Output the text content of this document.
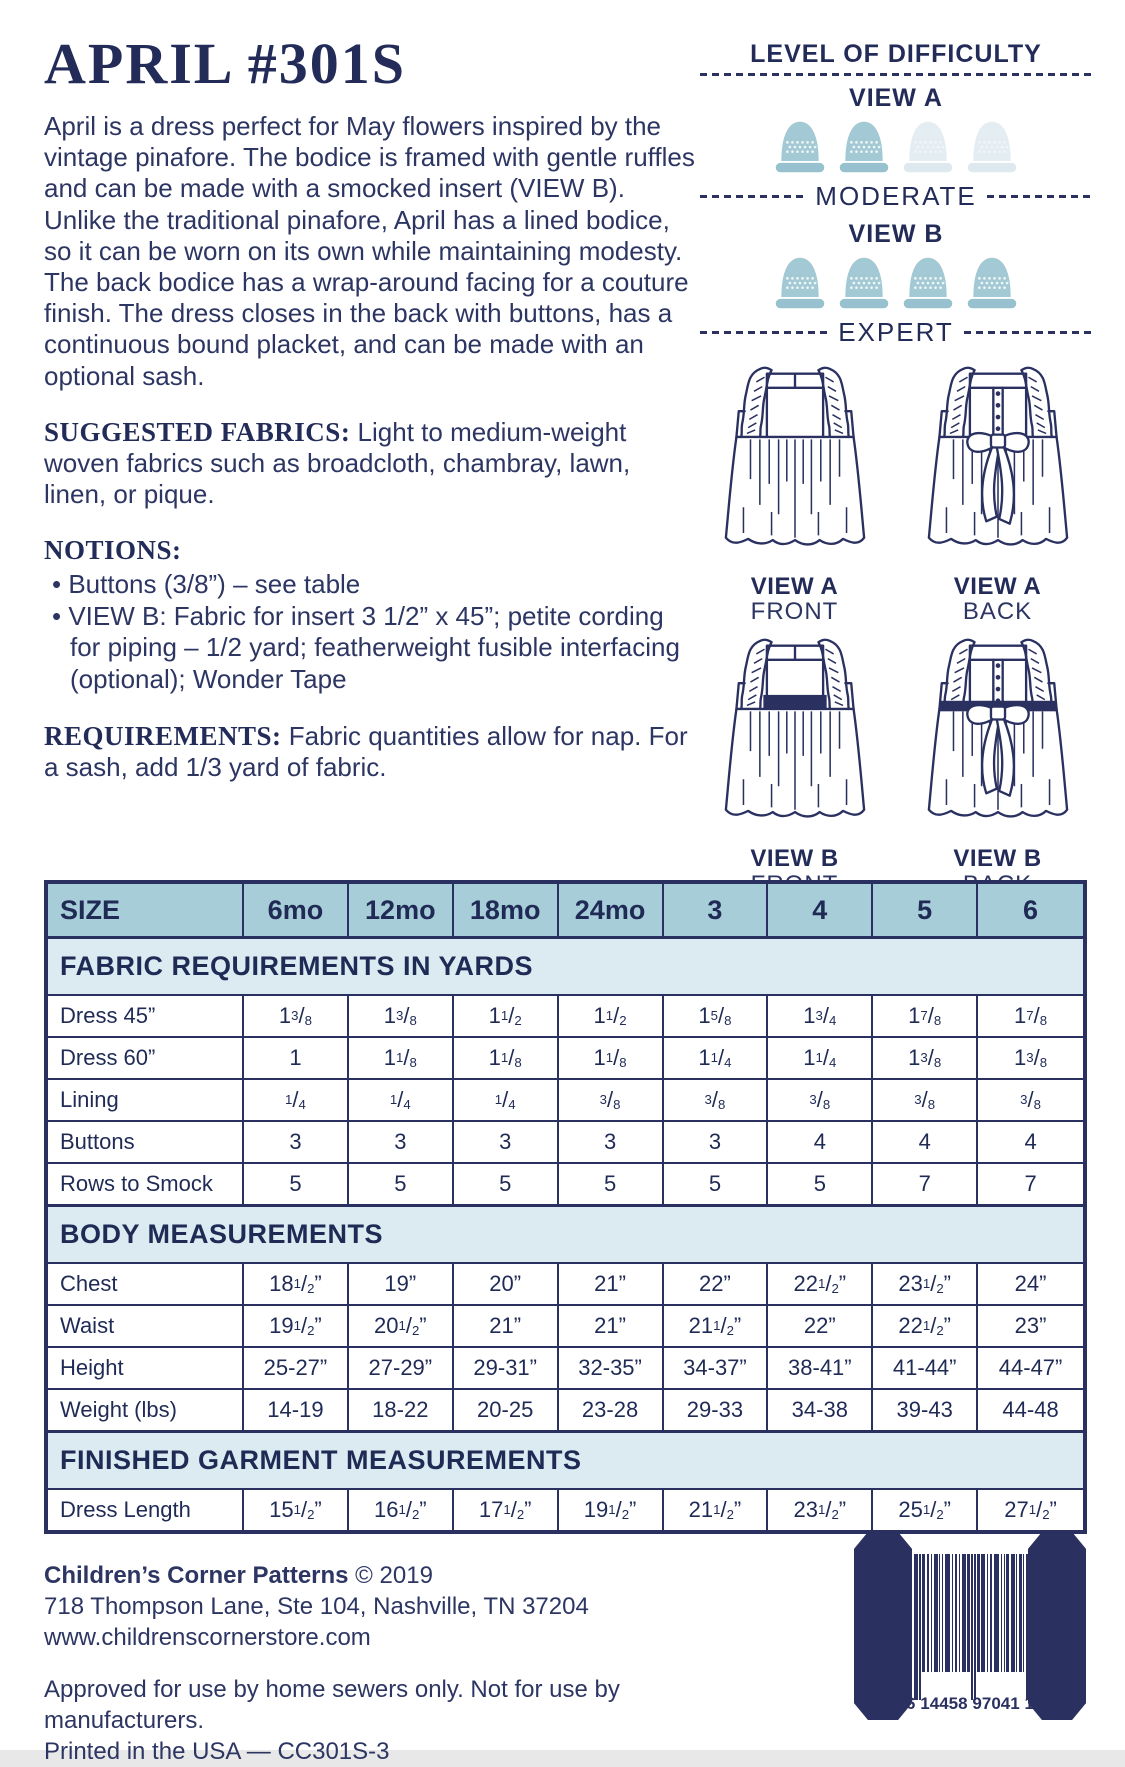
APRIL #301S

April is a dress perfect for May flowers inspired by the vintage pinafore. The bodice is framed with gentle ruffles and can be made with a smocked insert (VIEW B). Unlike the traditional pinafore, April has a lined bodice, so it can be worn on its own while maintaining modesty. The back bodice has a wrap-around facing for a couture finish. The dress closes in the back with buttons, has a continuous bound placket, and can be made with an optional sash.

SUGGESTED FABRICS: Light to medium-weight woven fabrics such as broadcloth, chambray, lawn, linen, or pique.

NOTIONS:

• Buttons (3/8”) – see table
• VIEW B: Fabric for insert 3 1/2” x 45”; petite cording for piping – 1/2 yard; featherweight fusible interfacing (optional); Wonder Tape

REQUIREMENTS: Fabric quantities allow for nap. For a sash, add 1/3 yard of fabric.

LEVEL OF DIFFICULTY

VIEW A

MODERATE

VIEW B

EXPERT
VIEW A
FRONT
VIEW A
BACK
VIEW B	VIEW B
SIZE	6mo	12mo	18mo	24mo	3	4	5	6
FABRIC REQUIREMENTS IN YARDS
Dress 45”	1 3 $/_8$	1 3 $/_8$	1 1 $/_2$	1 1 $/_2$	1 5 $/_8$	1 3 $/_4$	1 7 $/_8$	1 7 $/_8$
Dress 60”	1	1 1 $/_8$	1 1 $/_8$	1 1 $/_8$	1 1 $/_4$	1 1 $/_4$	1 3 $/_8$	1 3 $/_8$
Lining	1 $/_4$	1 $/_4$	1 $/_4$	3 $/_8$	3 $/_8$	3 $/_8$	3 $/_8$	3 $/_8$
Buttons	3	3	3	3	3	4	4	4
Rows to Smock	5	5	5	5	5	5	7	7
BODY MEASUREMENTS
Chest	18 1 $/_2$ ”	19”	20”	21”	22”	22 1 $/_2$ ”	23 1 $/_2$ ”	24”
Waist	19 1 $/_2$ ”	20 1 $/_2$ ”	21”	21”	21 1 $/_2$ ”	22”	22 1 $/_2$ ”	23”
Height	25-27”	27-29”	29-31”	32-35”	34-37”	38-41”	41-44”	44-47”
Weight (lbs)	14-19	18-22	20-25	23-28	29-33	34-38	39-43	44-48
FINISHED GARMENT MEASUREMENTS
Dress Length	15 1 $/_2$ ”	16 1 $/_2$ ”	17 1 $/_2$ ”	19 1 $/_2$ ”	21 1 $/_2$ ”	23 1 $/_2$ ”	25 1 $/_2$ ”	27 1 $/_2$ ”
Children’s Corner Patterns © 2019
718 Thompson Lane, Ste 104, Nashville, TN 37204
www.childrenscornerstore.com
Approved for use by home sewers only. Not for use by manufacturers.
Printed in the USA — CC301S-3
6 14458 97041 1
